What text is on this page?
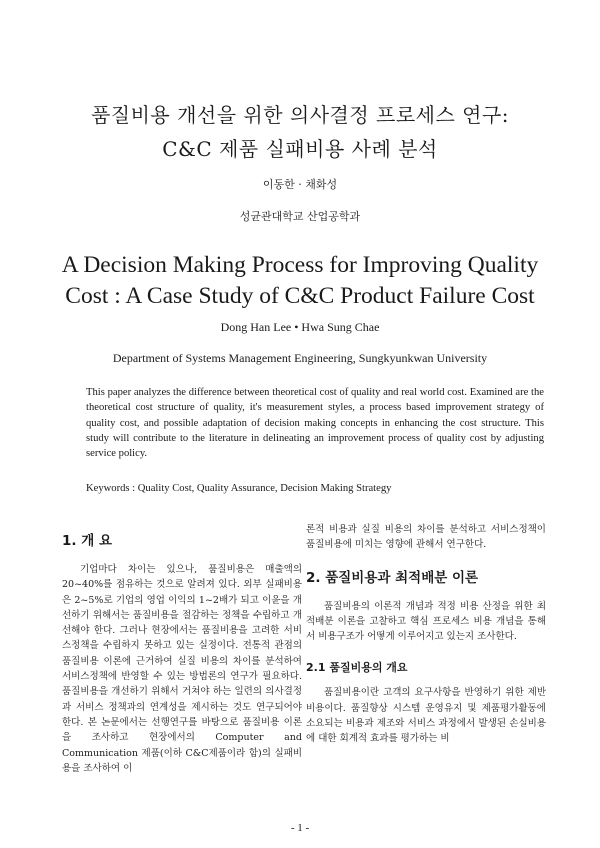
품질비용 개선을 위한 의사결정 프로세스 연구:
C&C 제품 실패비용 사례 분석
이동한 · 채화성
성균관대학교 산업공학과
A Decision Making Process for Improving Quality
Cost : A Case Study of C&C Product Failure Cost
Dong Han Lee • Hwa Sung Chae
Department of Systems Management Engineering, Sungkyunkwan University

This paper analyzes the difference between theoretical cost of quality and real world cost. Examined are the theoretical cost structure of quality, it's measurement styles, a process based improvement strategy of quality cost, and possible adaptation of decision making concepts in enhancing the cost structure. This study will contribute to the literature in delineating an improvement process of quality cost by adjusting service policy.

Keywords : Quality Cost, Quality Assurance, Decision Making Strategy
1. 개 요

기업마다 차이는 있으나, 품질비용은 매출액의 20~40%를 점유하는 것으로 알려져 있다. 외부 실패비용은 2~5%로 기업의 영업 이익의 1~2배가 되고 이윤을 개선하기 위해서는 품질비용을 절감하는 정책을 수립하고 개선해야 한다. 그러나 현장에서는 품질비용을 고려한 서비스정책을 수립하지 못하고 있는 실정이다. 전통적 관점의 품질비용 이론에 근거하여 실질 비용의 차이를 분석하여 서비스정책에 반영할 수 있는 방법론의 연구가 필요하다. 품질비용을 개선하기 위해서 거쳐야 하는 일련의 의사결정과 서비스 정책과의 연계성을 제시하는 것도 연구되어야 한다. 본 논문에서는 선행연구를 바탕으로 품질비용 이론을 조사하고 현장에서의 Computer and Communication 제품(이하 C&C제품이라 함)의 실패비용을 조사하여 이

론적 비용과 실질 비용의 차이를 분석하고 서비스정책이 품질비용에 미치는 영향에 관해서 연구한다.

2. 품질비용과 최적배분 이론

품질비용의 이론적 개념과 적정 비용 산정을 위한 최적배분 이론을 고찰하고 핵심 프로세스 비용 개념을 통해서 비용구조가 어떻게 이루어지고 있는지 조사한다.

2.1 품질비용의 개요

품질비용이란 고객의 요구사항을 반영하기 위한 제반비용이다. 품질향상 시스템 운영유지 및 제품평가활동에 소요되는 비용과 제조와 서비스 과정에서 발생된 손실비용에 대한 회계적 효과를 평가하는 비

- 1 -
